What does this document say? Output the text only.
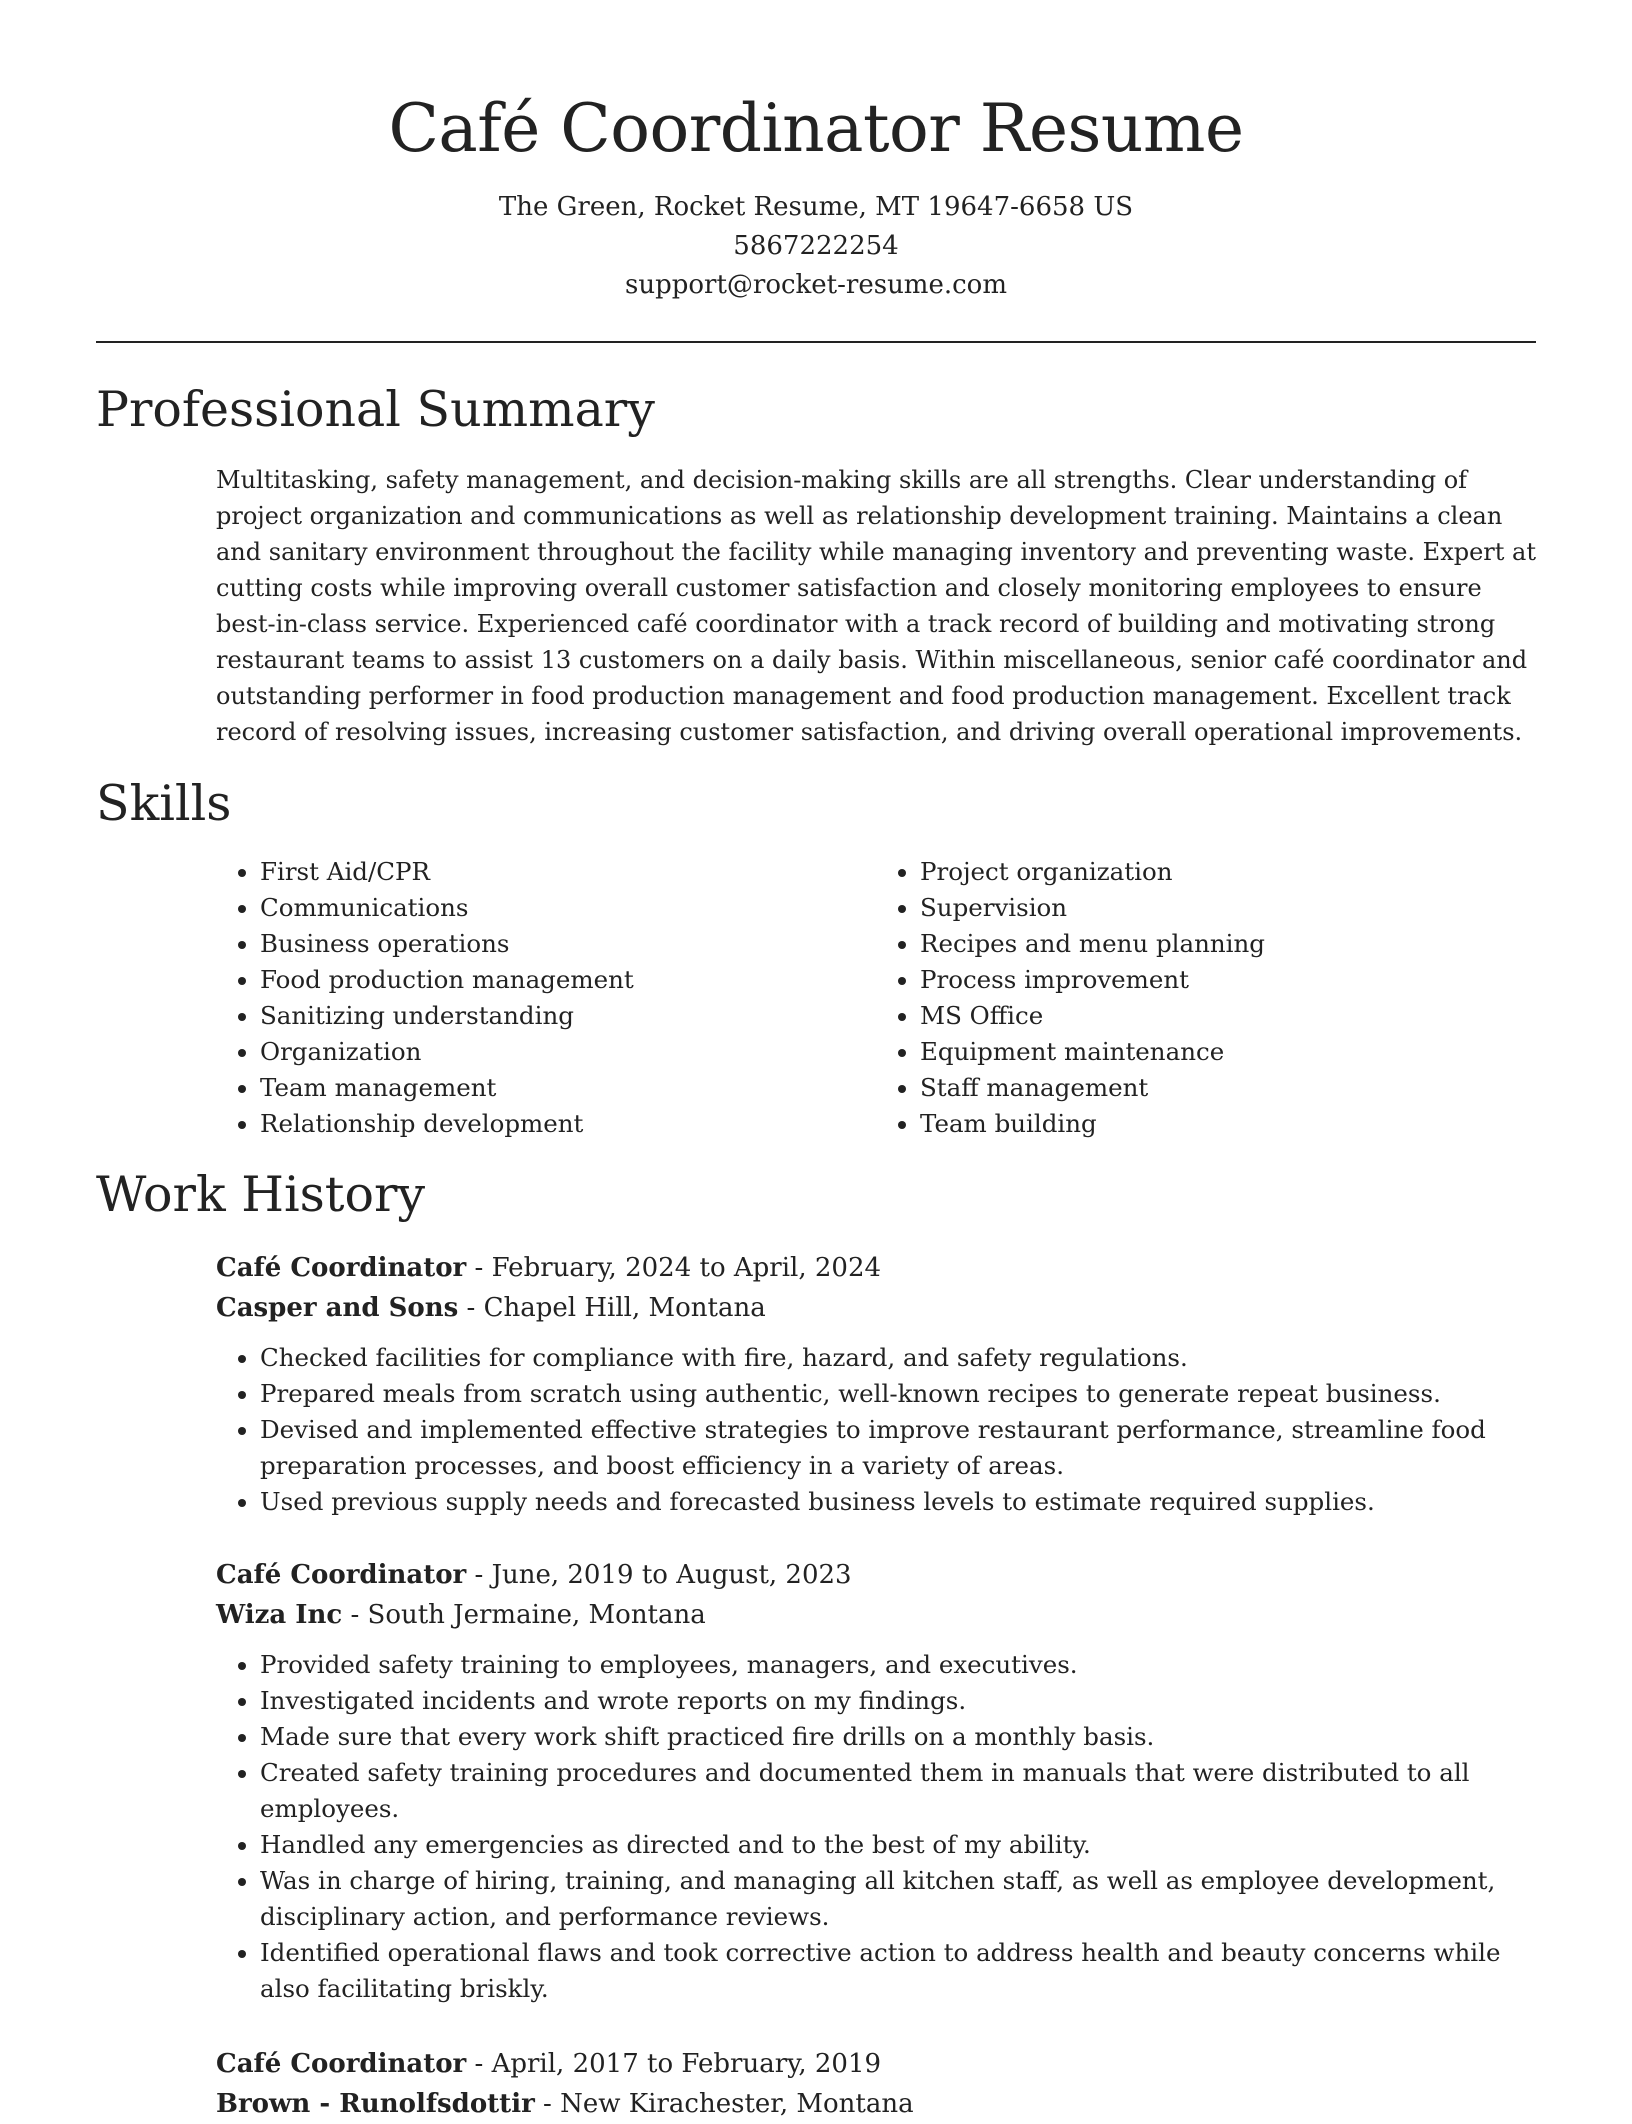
Café Coordinator Resume
The Green, Rocket Resume, MT 19647-6658 US
5867222254
support@rocket-resume.com
Professional Summary

Multitasking, safety management, and decision-making skills are all strengths. Clear understanding of project organization and communications as well as relationship development training. Maintains a clean and sanitary environment throughout the facility while managing inventory and preventing waste. Expert at cutting costs while improving overall customer satisfaction and closely monitoring employees to ensure best-in-class service. Experienced café coordinator with a track record of building and motivating strong restaurant teams to assist 13 customers on a daily basis. Within miscellaneous, senior café coordinator and outstanding performer in food production management and food production management. Excellent track record of resolving issues, increasing customer satisfaction, and driving overall operational improvements.

Skills
• First Aid/CPR
• Communications
• Business operations
• Food production management
• Sanitizing understanding
• Organization
• Team management
• Relationship development
• Project organization
• Supervision
• Recipes and menu planning
• Process improvement
• MS Office
• Equipment maintenance
• Staff management
• Team building
Work History
Café Coordinator - February, 2024 to April, 2024
Casper and Sons - Chapel Hill, Montana
• Checked facilities for compliance with fire, hazard, and safety regulations.
• Prepared meals from scratch using authentic, well-known recipes to generate repeat business.
• Devised and implemented effective strategies to improve restaurant performance, streamline food preparation processes, and boost efficiency in a variety of areas.
• Used previous supply needs and forecasted business levels to estimate required supplies.
Café Coordinator - June, 2019 to August, 2023
Wiza Inc - South Jermaine, Montana
• Provided safety training to employees, managers, and executives.
• Investigated incidents and wrote reports on my findings.
• Made sure that every work shift practiced fire drills on a monthly basis.
• Created safety training procedures and documented them in manuals that were distributed to all employees.
• Handled any emergencies as directed and to the best of my ability.
• Was in charge of hiring, training, and managing all kitchen staff, as well as employee development, disciplinary action, and performance reviews.
• Identified operational flaws and took corrective action to address health and beauty concerns while also facilitating briskly.
Café Coordinator - April, 2017 to February, 2019
Brown - Runolfsdottir - New Kirachester, Montana
